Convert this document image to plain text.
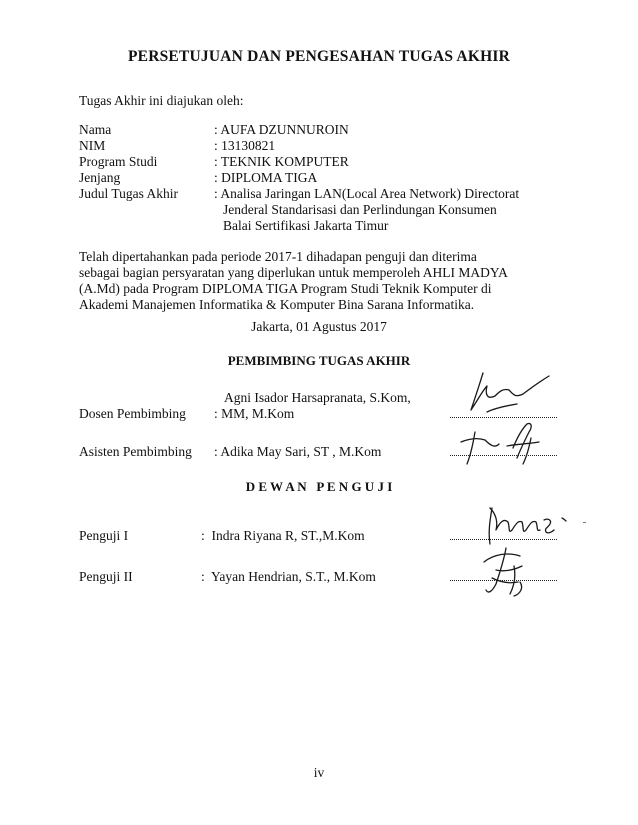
PERSETUJUAN DAN PENGESAHAN TUGAS AKHIR
Tugas Akhir ini diajukan oleh:
Nama	: AUFA DZUNNUROIN
NIM	: 13130821
Program Studi	: TEKNIK KOMPUTER
Jenjang	: DIPLOMA TIGA
Judul Tugas Akhir	: Analisa Jaringan LAN(Local Area Network) Directorat
Jenderal Standarisasi dan Perlindungan Konsumen
Balai Sertifikasi Jakarta Timur
Telah dipertahankan pada periode 2017-1 dihadapan penguji dan diterima
sebagai bagian persyaratan yang diperlukan untuk memperoleh AHLI MADYA
(A.Md) pada Program DIPLOMA TIGA Program Studi Teknik Komputer di
Akademi Manajemen Informatika & Komputer Bina Sarana Informatika.
Jakarta, 01 Agustus 2017
PEMBIMBING TUGAS AKHIR
Agni Isador Harsapranata, S.Kom,
Dosen Pembimbing : MM, M.Kom
Asisten Pembimbing : Adika May Sari, ST , M.Kom
D E W A N   P E N G U J I
Penguji I	:  Indra Riyana R, ST.,M.Kom
Penguji II	:  Yayan Hendrian, S.T., M.Kom
iv
